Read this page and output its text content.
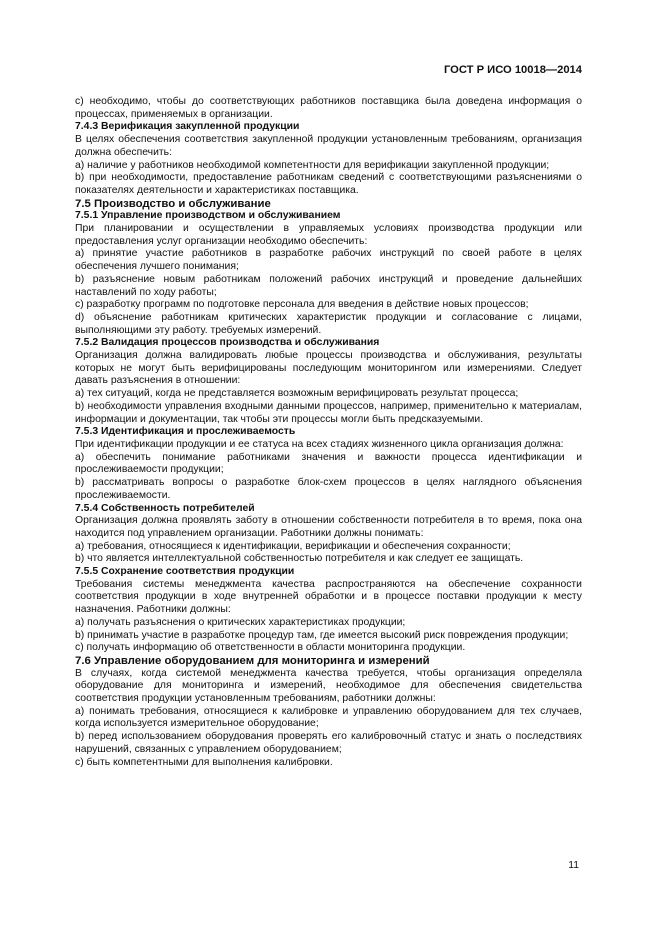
ГОСТ Р ИСО 10018—2014

с) необходимо, чтобы до соответствующих работников поставщика была доведена информация о процессах, применяемых в организации.

7.4.3 Верификация закупленной продукции

В целях обеспечения соответствия закупленной продукции установленным требованиям, организация должна обеспечить:

а) наличие у работников необходимой компетентности для верификации закупленной продукции;

b) при необходимости, предоставление работникам сведений с соответствующими разъяснениями о показателях деятельности и характеристиках поставщика.

7.5 Производство и обслуживание

7.5.1 Управление производством и обслуживанием

При планировании и осуществлении в управляемых условиях производства продукции или предоставления услуг организации необходимо обеспечить:

а) принятие участие работников в разработке рабочих инструкций по своей работе в целях обеспечения лучшего понимания;

b) разъяснение новым работникам положений рабочих инструкций и проведение дальнейших наставлений по ходу работы;

с) разработку программ по подготовке персонала для введения в действие новых процессов;

d) объяснение работникам критических характеристик продукции и согласование с лицами, выполняющими эту работу. требуемых измерений.

7.5.2 Валидация процессов производства и обслуживания

Организация должна валидировать любые процессы производства и обслуживания, результаты которых не могут быть верифицированы последующим мониторингом или измерениями. Следует давать разъяснения в отношении:

а) тех ситуаций, когда не представляется возможным верифицировать результат процесса;

b) необходимости управления входными данными процессов, например, применительно к материалам, информации и документации, так чтобы эти процессы могли быть предсказуемыми.

7.5.3 Идентификация и прослеживаемость

При идентификации продукции и ее статуса на всех стадиях жизненного цикла организация должна:

а) обеспечить понимание работниками значения и важности процесса идентификации и прослеживаемости продукции;

b) рассматривать вопросы о разработке блок-схем процессов в целях наглядного объяснения прослеживаемости.

7.5.4 Собственность потребителей

Организация должна проявлять заботу в отношении собственности потребителя в то время, пока она находится под управлением организации. Работники должны понимать:

а) требования, относящиеся к идентификации, верификации и обеспечения сохранности;

b) что является интеллектуальной собственностью потребителя и как следует ее защищать.

7.5.5 Сохранение соответствия продукции

Требования системы менеджмента качества распространяются на обеспечение сохранности соответствия продукции в ходе внутренней обработки и в процессе поставки продукции к месту назначения. Работники должны:

а) получать разъяснения о критических характеристиках продукции;

b) принимать участие в разработке процедур там, где имеется высокий риск повреждения продукции;

с) получать информацию об ответственности в области мониторинга продукции.

7.6 Управление оборудованием для мониторинга и измерений

В случаях, когда системой менеджмента качества требуется, чтобы организация определяла оборудование для мониторинга и измерений, необходимое для обеспечения свидетельства соответствия продукции установленным требованиям, работники должны:

а) понимать требования, относящиеся к калибровке и управлению оборудованием для тех случаев, когда используется измерительное оборудование;

b) перед использованием оборудования проверять его калибровочный статус и знать о последствиях нарушений, связанных с управлением оборудованием;

с) быть компетентными для выполнения калибровки.

11
